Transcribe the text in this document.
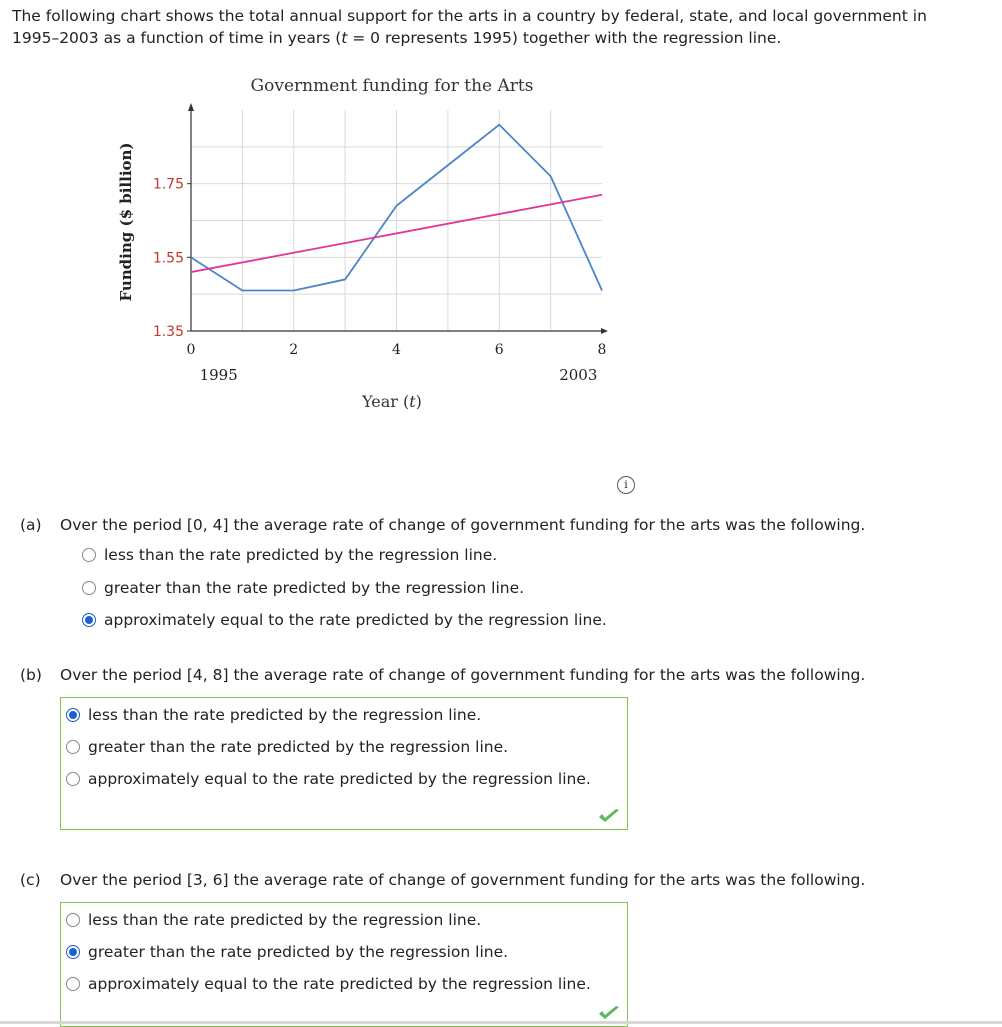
The following chart shows the total annual support for the arts in a country by federal, state, and local government in
1995–2003 as a function of time in years (t = 0 represents 1995) together with the regression line.
Government funding for the Arts
0	2	4	6	8
1995	2003
1.35
1.55
1.75
Funding ($ billion)
Year (t)
i
(a) Over the period [0, 4] the average rate of change of government funding for the arts was the following.
less than the rate predicted by the regression line.
greater than the rate predicted by the regression line.
approximately equal to the rate predicted by the regression line.
(b) Over the period [4, 8] the average rate of change of government funding for the arts was the following.
less than the rate predicted by the regression line.
greater than the rate predicted by the regression line.
approximately equal to the rate predicted by the regression line.
(c) Over the period [3, 6] the average rate of change of government funding for the arts was the following.
less than the rate predicted by the regression line.
greater than the rate predicted by the regression line.
approximately equal to the rate predicted by the regression line.
